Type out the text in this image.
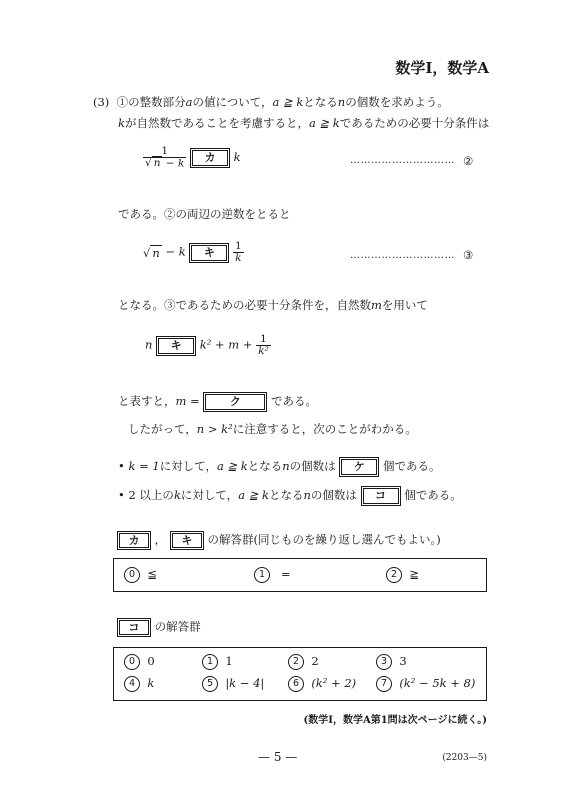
数学Ⅰ，数学A
(3) ①の整数部分aの値について，a ≧ kとなるnの個数を求めよう。
kが自然数であることを考慮すると，a ≧ kであるための必要十分条件は
$\frac{1}{√ n - k}$ カ k	………………………… ②
である。②の両辺の逆数をとると
√ n − k キ $\frac{1}{k}$	………………………… ③
となる。③であるための必要十分条件を，自然数mを用いて
n キ $k^2 + m + \frac{1}{\text{k²}}$
と表すと，m =	ク	である。
したがって，n > k²に注意すると，次のことがわかる。
• k = 1に対して，a ≧ kとなるnの個数は ケ 個である。
• 2 以上のkに対して，a ≧ kとなるnの個数は コ 個である。
カ ， キ の解答群(同じものを繰り返し選んでもよい。)
0 ≦	1 =	2 ≧
コ の解答群
0 0	1 1	2 2	3 3
4 k	5 |k − 4|	6 (k² + 2)	7 (k² − 5k + 8)
(数学Ⅰ，数学A第1問は次ページに続く。)
— 5 —	(2203—5)
